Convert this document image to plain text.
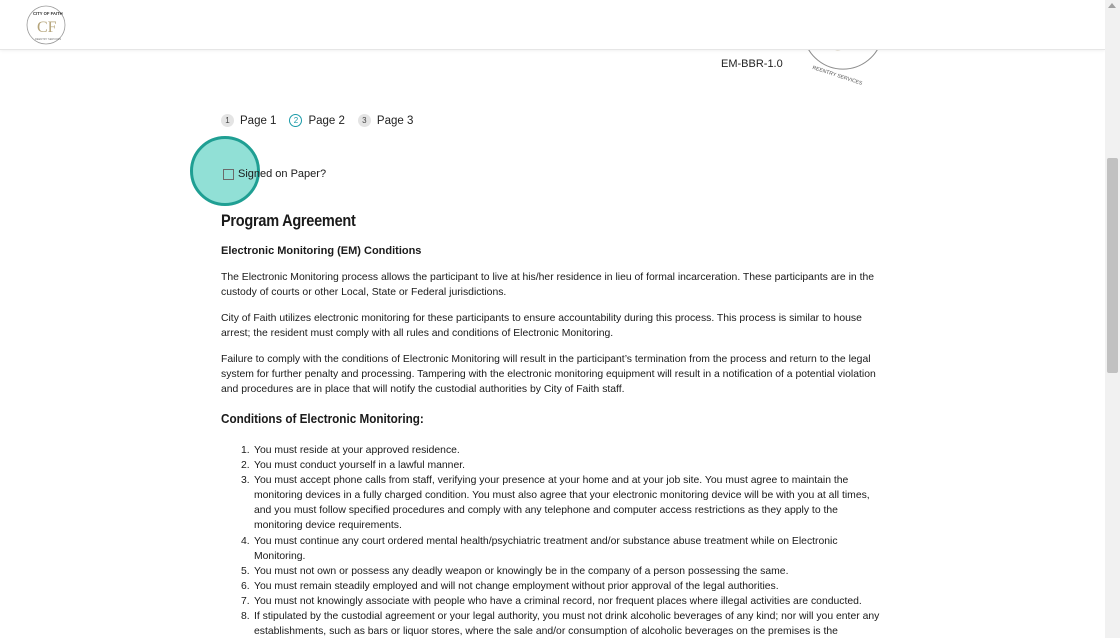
EM-BBR-1.0
REENTRY SERVICES
1 Page 1	2 Page 2	3 Page 3
Signed on Paper?
Program Agreement
Electronic Monitoring (EM) Conditions

The Electronic Monitoring process allows the participant to live at his/her residence in lieu of formal incarceration. These participants are in the custody of courts or other Local, State or Federal jurisdictions.

City of Faith utilizes electronic monitoring for these participants to ensure accountability during this process. This process is similar to house arrest; the resident must comply with all rules and conditions of Electronic Monitoring.

Failure to comply with the conditions of Electronic Monitoring will result in the participant’s termination from the process and return to the legal system for further penalty and processing. Tampering with the electronic monitoring equipment will result in a notification of a potential violation and procedures are in place that will notify the custodial authorities by City of Faith staff.

Conditions of Electronic Monitoring:
1. You must reside at your approved residence.
2. You must conduct yourself in a lawful manner.
3. You must accept phone calls from staff, verifying your presence at your home and at your job site. You must agree to maintain the monitoring devices in a fully charged condition. You must also agree that your electronic monitoring device will be with you at all times, and you must follow specified procedures and comply with any telephone and computer access restrictions as they apply to the monitoring device requirements.
4. You must continue any court ordered mental health/psychiatric treatment and/or substance abuse treatment while on Electronic Monitoring.
5. You must not own or possess any deadly weapon or knowingly be in the company of a person possessing the same.
6. You must remain steadily employed and will not change employment without prior approval of the legal authorities.
7. You must not knowingly associate with people who have a criminal record, nor frequent places where illegal activities are conducted.
8. If stipulated by the custodial agreement or your legal authority, you must not drink alcoholic beverages of any kind; nor will you enter any establishments, such as bars or liquor stores, where the sale and/or consumption of alcoholic beverages on the premises is the
CITY OF FAITH
CF
REENTRY SERVICES
